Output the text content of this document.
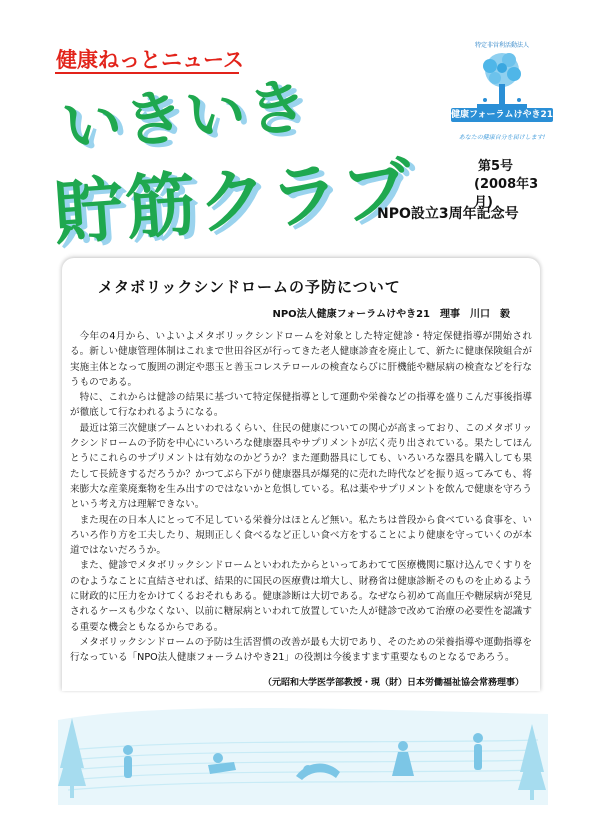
健康ねっとニュース
いきいき
貯筋クラブ
特定非営利活動法人
健康フォーラムけやき21
あなたの健康自分を届けします!
第5号
(2008年3月)
NPO設立3周年記念号
メタボリックシンドロームの予防について
NPO法人健康フォーラムけやき21　理事　川口　毅

今年の4月から、いよいよメタボリックシンドロームを対象とした特定健診・特定保健指導が開始される。新しい健康管理体制はこれまで世田谷区が行ってきた老人健康診査を廃止して、新たに健康保険組合が実施主体となって腹囲の測定や悪玉と善玉コレステロールの検査ならびに肝機能や糖尿病の検査などを行なうものである。

特に、これからは健診の結果に基づいて特定保健指導として運動や栄養などの指導を盛りこんだ事後指導が徹底して行なわれるようになる。

最近は第三次健康ブームといわれるくらい、住民の健康についての関心が高まっており、このメタボリックシンドロームの予防を中心にいろいろな健康器具やサプリメントが広く売り出されている。果たしてほんとうにこれらのサプリメントは有効なのかどうか？また運動器具にしても、いろいろな器具を購入しても果たして長続きするだろうか？かつてぶら下がり健康器具が爆発的に売れた時代などを振り返ってみても、将来膨大な産業廃棄物を生み出すのではないかと危惧している。私は薬やサプリメントを飲んで健康を守ろうという考え方は理解できない。

また現在の日本人にとって不足している栄養分はほとんど無い。私たちは普段から食べている食事を、いろいろ作り方を工夫したり、規則正しく食べるなど正しい食べ方をすることにより健康を守っていくのが本道ではないだろうか。

また、健診でメタボリックシンドロームといわれたからといってあわてて医療機関に駆け込んでくすりをのむようなことに直結させれば、結果的に国民の医療費は増大し、財務省は健康診断そのものを止めるように財政的に圧力をかけてくるおそれもある。健康診断は大切である。なぜなら初めて高血圧や糖尿病が発見されるケースも少なくない、以前に糖尿病といわれて放置していた人が健診で改めて治療の必要性を認識する重要な機会ともなるからである。

メタボリックシンドロームの予防は生活習慣の改善が最も大切であり、そのための栄養指導や運動指導を行なっている「NPO法人健康フォーラムけやき21」の役割は今後ますます重要なものとなるであろう。

（元昭和大学医学部教授・現（財）日本労働福祉協会常務理事）
